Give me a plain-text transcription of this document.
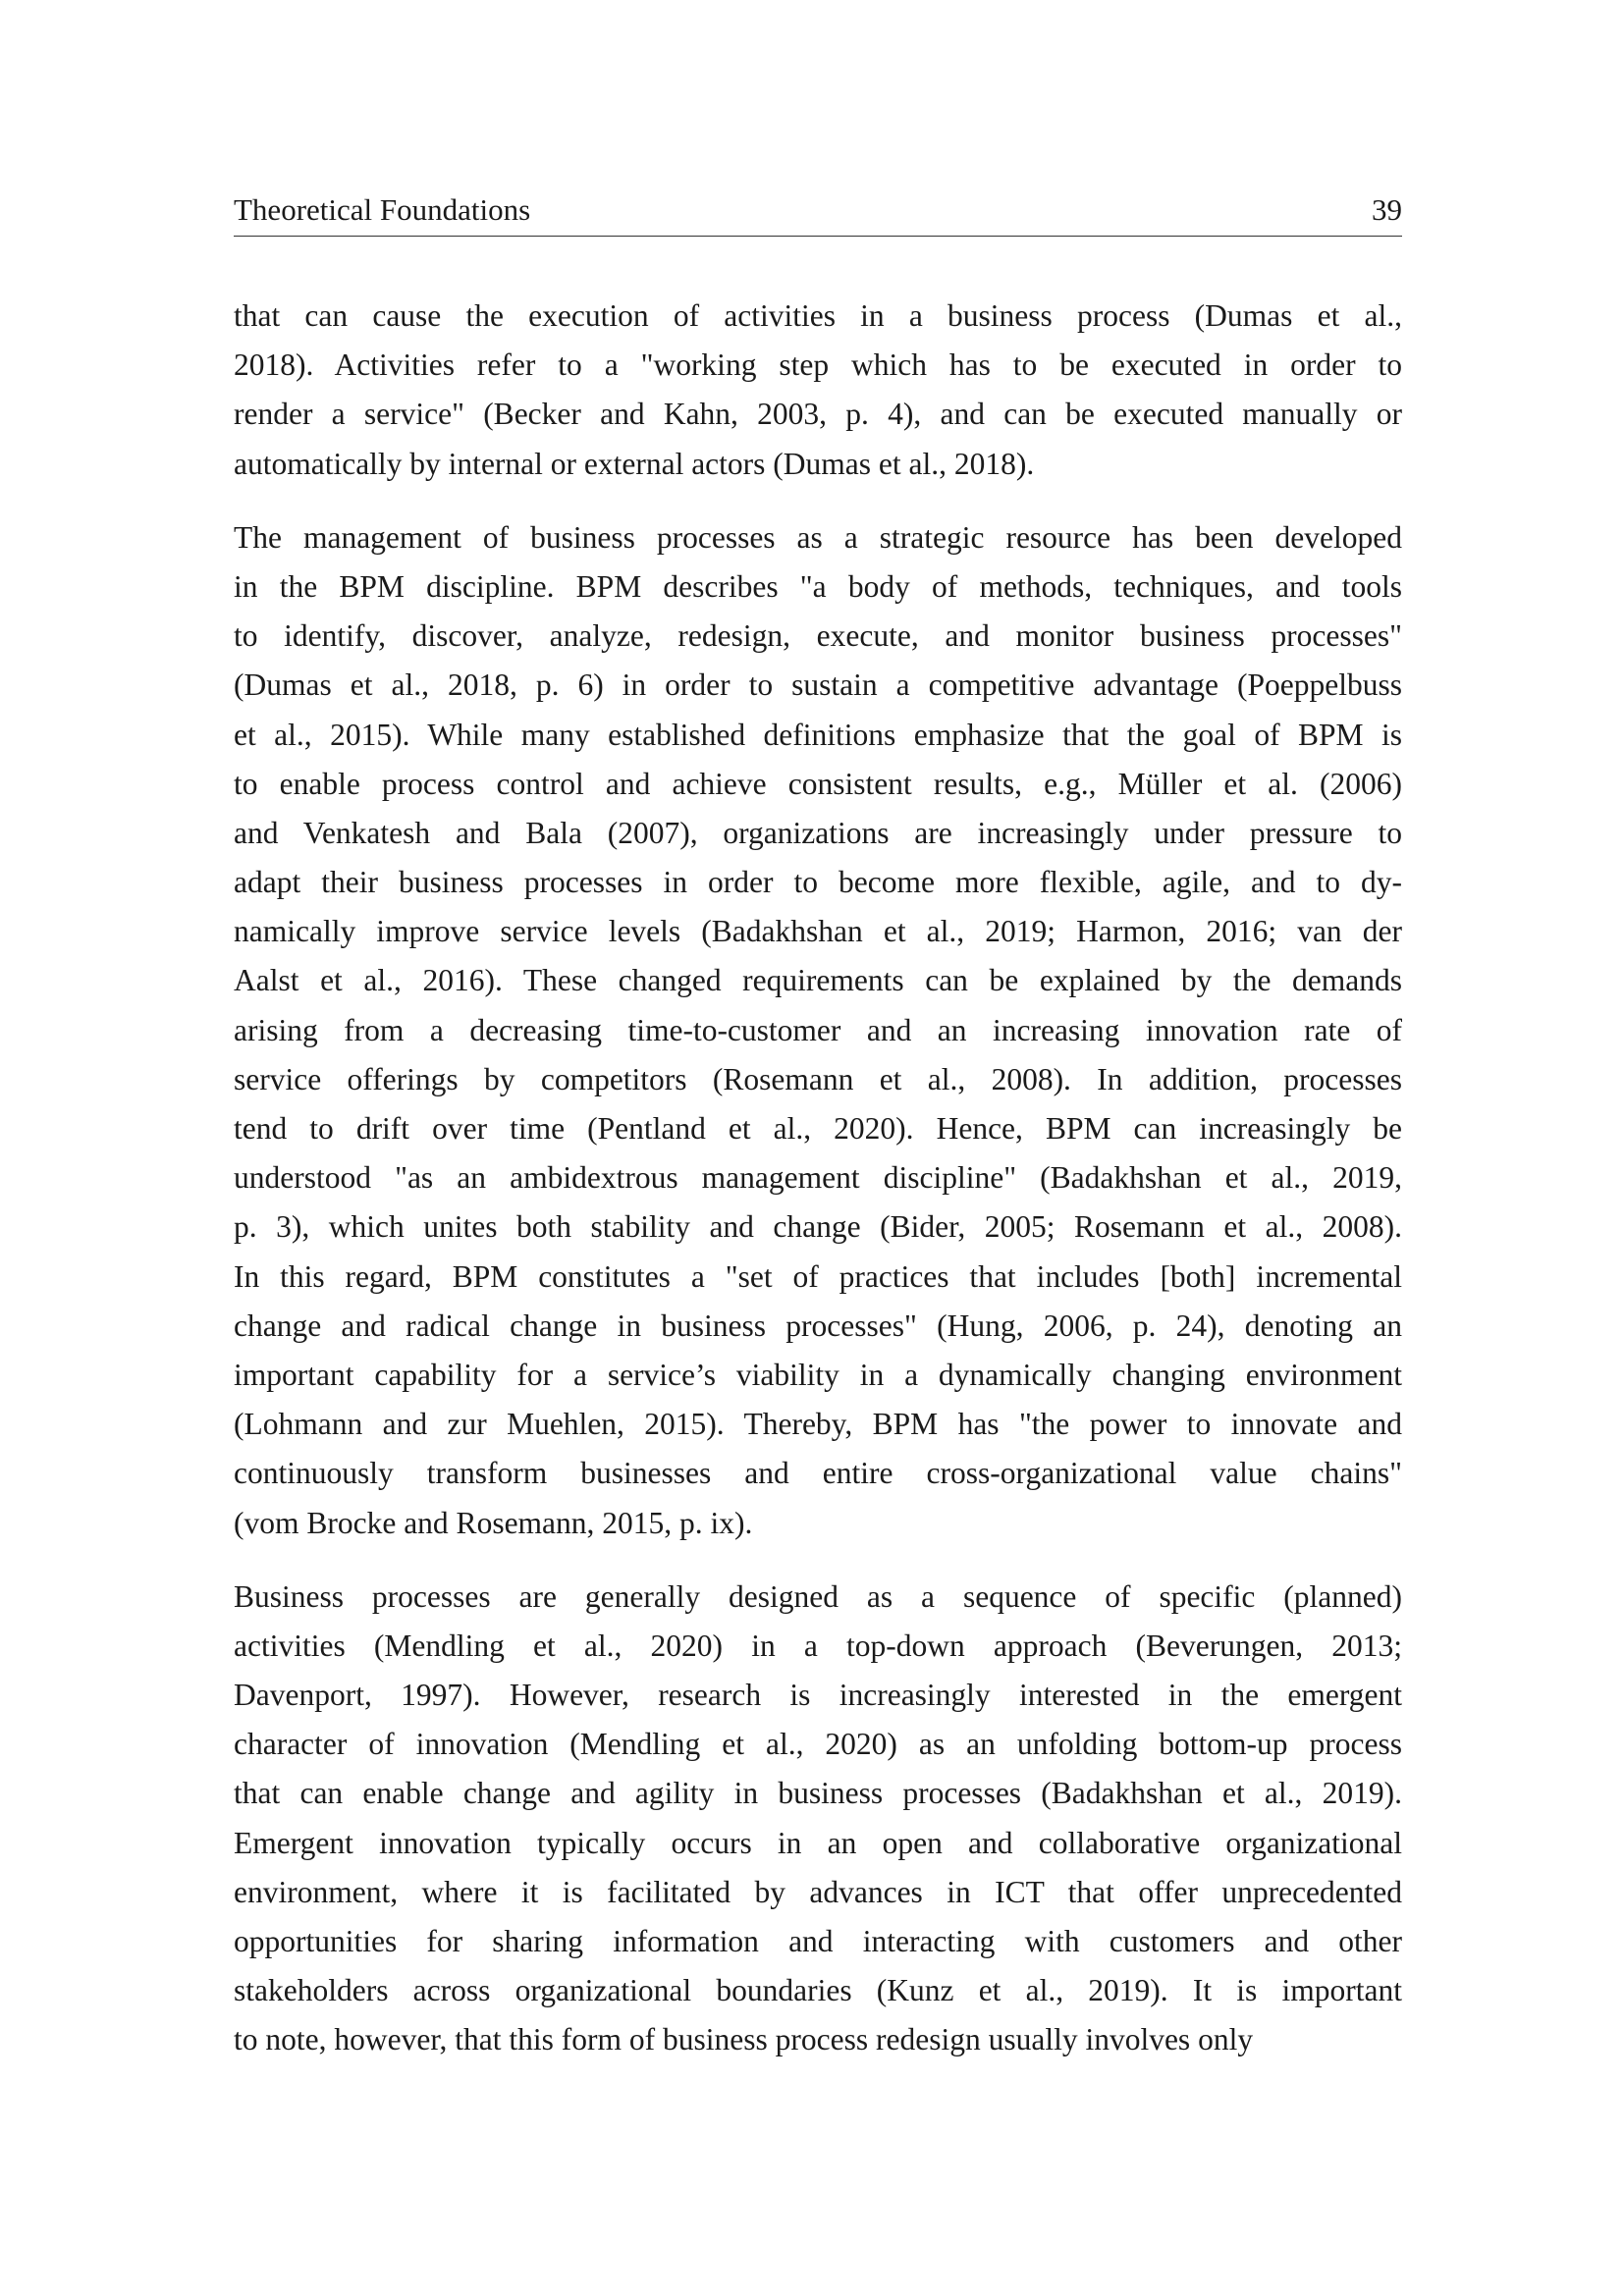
Theoretical Foundations	39
that can cause the execution of activities in a business process (Dumas et al.,
2018). Activities refer to a "working step which has to be executed in order to
render a service" (Becker and Kahn, 2003, p. 4), and can be executed manually or
automatically by internal or external actors (Dumas et al., 2018).
The management of business processes as a strategic resource has been developed
in the BPM discipline. BPM describes "a body of methods, techniques, and tools
to identify, discover, analyze, redesign, execute, and monitor business processes"
(Dumas et al., 2018, p. 6) in order to sustain a competitive advantage (Poeppelbuss
et al., 2015). While many established definitions emphasize that the goal of BPM is
to enable process control and achieve consistent results, e.g., Müller et al. (2006)
and Venkatesh and Bala (2007), organizations are increasingly under pressure to
adapt their business processes in order to become more flexible, agile, and to dy-
namically improve service levels (Badakhshan et al., 2019; Harmon, 2016; van der
Aalst et al., 2016). These changed requirements can be explained by the demands
arising from a decreasing time-to-customer and an increasing innovation rate of
service offerings by competitors (Rosemann et al., 2008). In addition, processes
tend to drift over time (Pentland et al., 2020). Hence, BPM can increasingly be
understood "as an ambidextrous management discipline" (Badakhshan et al., 2019,
p. 3), which unites both stability and change (Bider, 2005; Rosemann et al., 2008).
In this regard, BPM constitutes a "set of practices that includes [both] incremental
change and radical change in business processes" (Hung, 2006, p. 24), denoting an
important capability for a service’s viability in a dynamically changing environment
(Lohmann and zur Muehlen, 2015). Thereby, BPM has "the power to innovate and
continuously transform businesses and entire cross-organizational value chains"
(vom Brocke and Rosemann, 2015, p. ix).
Business processes are generally designed as a sequence of specific (planned)
activities (Mendling et al., 2020) in a top-down approach (Beverungen, 2013;
Davenport, 1997). However, research is increasingly interested in the emergent
character of innovation (Mendling et al., 2020) as an unfolding bottom-up process
that can enable change and agility in business processes (Badakhshan et al., 2019).
Emergent innovation typically occurs in an open and collaborative organizational
environment, where it is facilitated by advances in ICT that offer unprecedented
opportunities for sharing information and interacting with customers and other
stakeholders across organizational boundaries (Kunz et al., 2019). It is important
to note, however, that this form of business process redesign usually involves only
